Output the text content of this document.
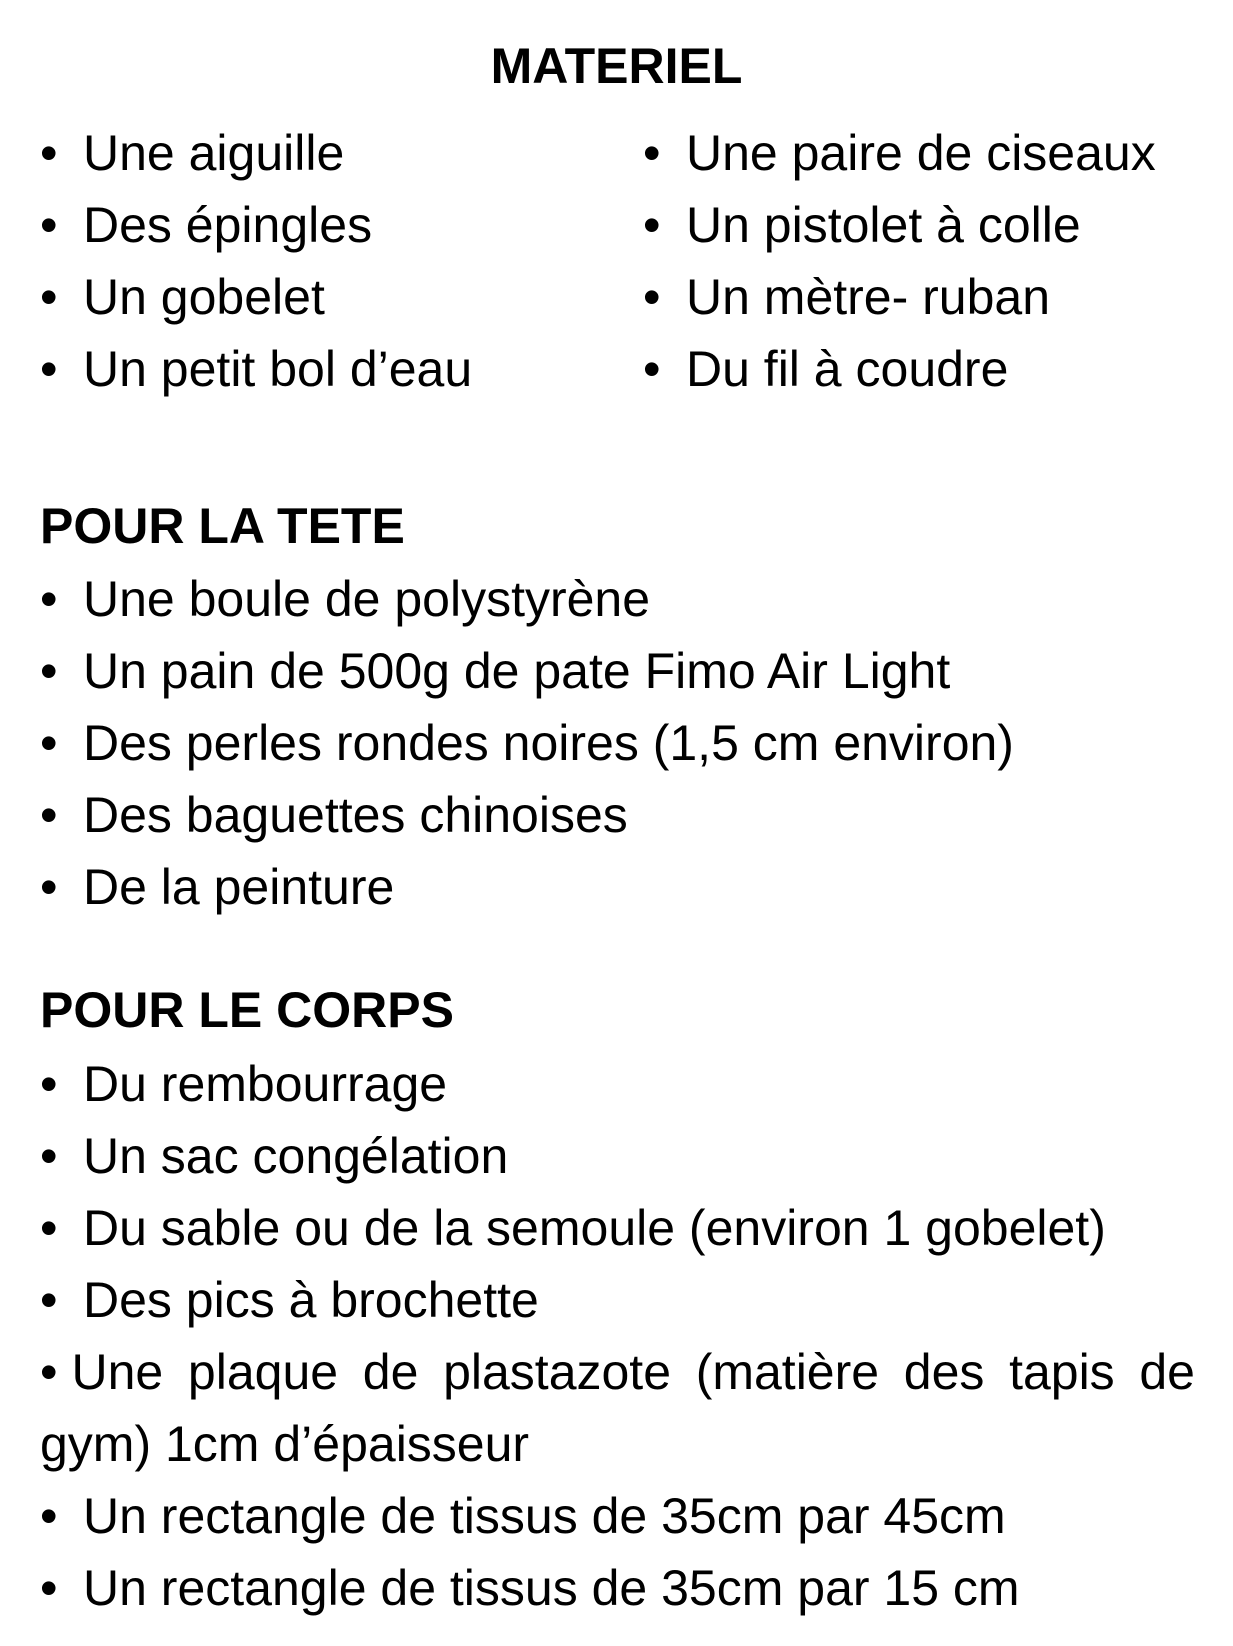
MATERIEL
• Une aiguille
• Des épingles
• Un gobelet
• Un petit bol d’eau
• Une paire de ciseaux
• Un pistolet à colle
• Un mètre- ruban
• Du fil à coudre
POUR LA TETE
• Une boule de polystyrène
• Un pain de 500g de pate Fimo Air Light
• Des perles rondes noires (1,5 cm environ)
• Des baguettes chinoises
• De la peinture
POUR LE CORPS
• Du rembourrage
• Un sac congélation
• Du sable ou de la semoule (environ 1 gobelet)
• Des pics à brochette
• Une plaque de plastazote (matière des tapis de gym) 1cm d’épaisseur
• Un rectangle de tissus de 35cm par 45cm
• Un rectangle de tissus de 35cm par 15 cm
